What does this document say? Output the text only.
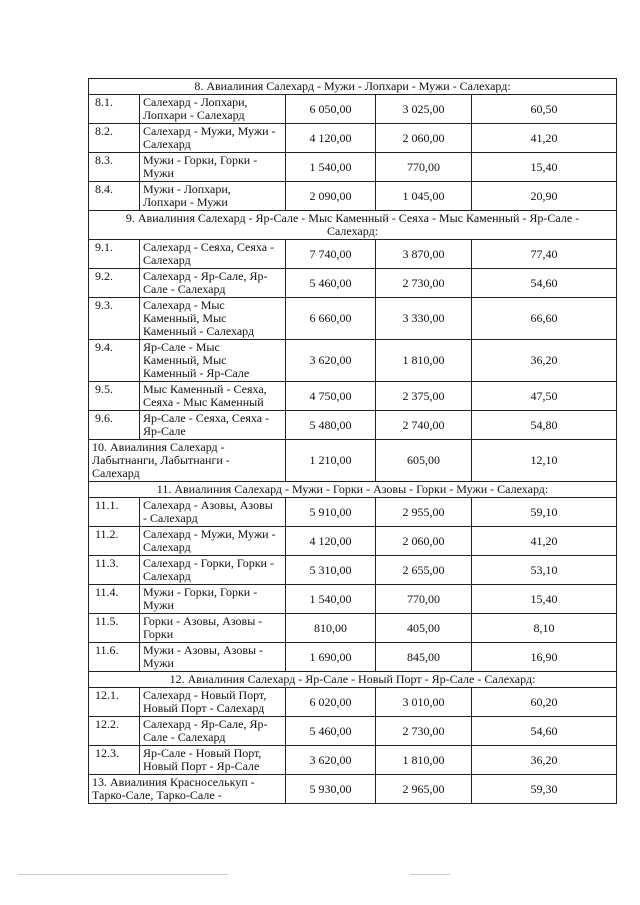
8. Авиалиния Салехард - Мужи - Лопхари - Мужи - Салехард:				
8.1.	Салехард - Лопхари,
Лопхари - Салехард	6 050,00	3 025,00	60,50
8.2.	Салехард - Мужи, Мужи -
Салехард	4 120,00	2 060,00	41,20
8.3.	Мужи - Горки, Горки -
Мужи	1 540,00	770,00	15,40
8.4.	Мужи - Лопхари,
Лопхари - Мужи	2 090,00	1 045,00	20,90
9. Авиалиния Салехард - Яр-Сале - Мыс Каменный - Сеяха - Мыс Каменный - Яр-Сале -
Салехард:				
9.1.	Салехард - Сеяха, Сеяха -
Салехард	7 740,00	3 870,00	77,40
9.2.	Салехард - Яр-Сале, Яр-
Сале - Салехард	5 460,00	2 730,00	54,60
9.3.	Салехард - Мыс
Каменный, Мыс
Каменный - Салехард	6 660,00	3 330,00	66,60
9.4.	Яр-Сале - Мыс
Каменный, Мыс
Каменный - Яр-Сале	3 620,00	1 810,00	36,20
9.5.	Мыс Каменный - Сеяха,
Сеяха - Мыс Каменный	4 750,00	2 375,00	47,50
9.6.	Яр-Сале - Сеяха, Сеяха -
Яр-Сале	5 480,00	2 740,00	54,80
10. Авиалиния Салехард -
Лабытнанги, Лабытнанги -
Салехард		1 210,00	605,00	12,10
11. Авиалиния Салехард - Мужи - Горки - Азовы - Горки - Мужи - Салехард:				
11.1.	Салехард - Азовы, Азовы
- Салехард	5 910,00	2 955,00	59,10
11.2.	Салехард - Мужи, Мужи -
Салехард	4 120,00	2 060,00	41,20
11.3.	Салехард - Горки, Горки -
Салехард	5 310,00	2 655,00	53,10
11.4.	Мужи - Горки, Горки -
Мужи	1 540,00	770,00	15,40
11.5.	Горки - Азовы, Азовы -
Горки	810,00	405,00	8,10
11.6.	Мужи - Азовы, Азовы -
Мужи	1 690,00	845,00	16,90
12. Авиалиния Салехард - Яр-Сале - Новый Порт - Яр-Сале - Салехард:				
12.1.	Салехард - Новый Порт,
Новый Порт - Салехард	6 020,00	3 010,00	60,20
12.2.	Салехард - Яр-Сале, Яр-
Сале - Салехард	5 460,00	2 730,00	54,60
12.3.	Яр-Сале - Новый Порт,
Новый Порт - Яр-Сале	3 620,00	1 810,00	36,20
13. Авиалиния Красноселькуп -
Тарко-Сале, Тарко-Сале -		5 930,00	2 965,00	59,30
